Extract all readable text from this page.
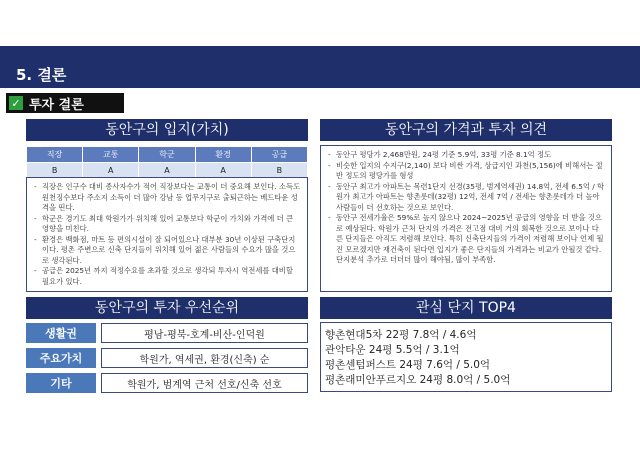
5. 결론
✓ 투자 결론
동안구의 입지(가치)
직장	교통	학군	환경	공급
B	A	A	A	B
- 직장은 인구수 대비 종사자수가 적어 직장보다는 교통이 더 중요해 보인다. 소득도 원천징수보다 주소지 소득이 더 많아 강남 등 업무지구로 출퇴근하는 베드타운 성격을 띤다.
- 학군은 경기도 최대 학원가가 위치해 있어 교통보다 학군이 가치와 가격에 더 큰 영향을 미친다.
- 환경은 백화점, 마트 등 편의시설이 잘 되어있으나 대부분 30년 이상된 구축단지이다. 평촌 주변으로 신축 단지들이 위치해 있어 젊은 사람들의 수요가 많을 것으로 생각된다.
- 공급은 2025년 까지 적정수요를 초과할 것으로 생각되 투자시 역전세를 대비할 필요가 있다.
동안구의 가격과 투자 의견
- 동안구 평당가 2,468만원, 24평 기준 5.9억, 33평 기준 8.1억 정도
- 비슷한 입지의 수지구(2,140) 보다 비싼 가격, 상급지인 과천(5,156)에 비해서는 절반 정도의 평당가를 형성
- 동안구 최고가 아파트는 목련1단지 선경(35평, 범계역세권) 14.8억, 전세 6.5억 / 학원가 최고가 아파트는 향촌롯데(32평) 12억, 전세 7억 / 전세는 향촌롯데가 더 높아 사람들이 더 선호하는 것으로 보인다.
- 동안구 전세가율은 59%로 높지 않으나 2024~2025년 공급의 영향을 더 받을 것으로 예상된다. 학원가 근처 단지의 가격은 전고점 대비 거의 회복한 것으로 보이나 다른 단지들은 아직도 저렴해 보인다. 특히 신축단지들의 가격이 저렴해 보이나 언제 될진 모르겠지만 재건축이 된다면 입지가 좋은 단지들의 가격과는 비교가 안될것 같다. 단지분석 추가로 더더더 많이 해야됨, 많이 부족함.
동안구의 투자 우선순위
생활권	평남-평북-호계-비산-인덕원
주요가치	학원가, 역세권, 환경(신축) 순
기타	학원가, 범계역 근처 선호/신축 선호
관심 단지 TOP4
향촌현대5차 22평 7.8억 / 4.6억
관악타운 24평 5.5억 / 3.1억
평촌센텀퍼스트 24평 7.6억 / 5.0억
평촌래미안푸르지오 24평 8.0억 / 5.0억
